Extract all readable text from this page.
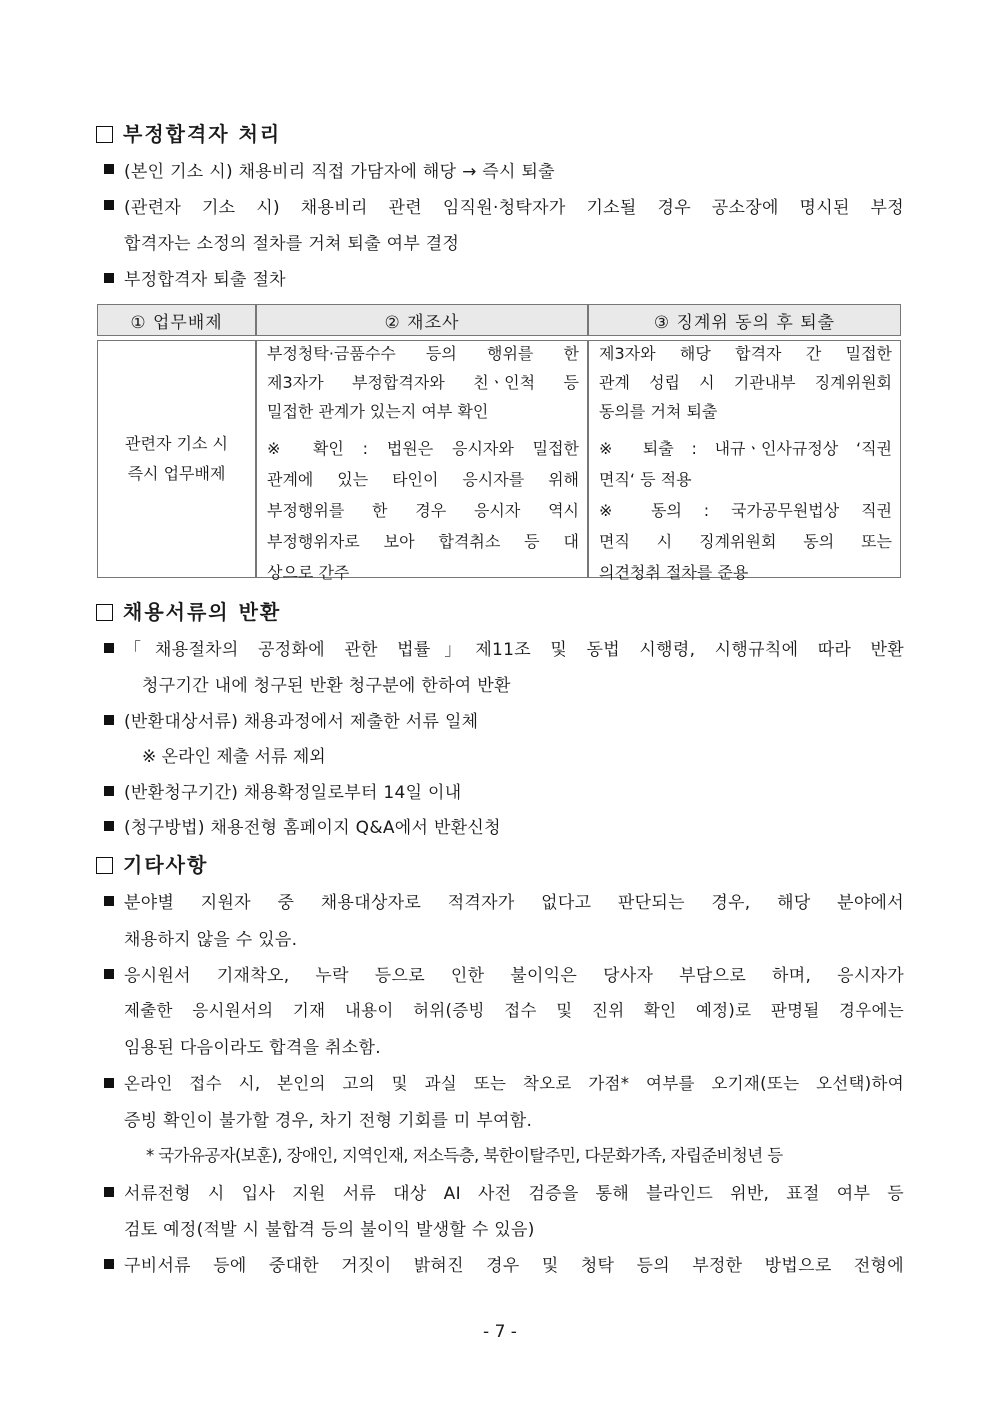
부정합격자 처리
(본인 기소 시) 채용비리 직접 가담자에 해당 → 즉시 퇴출
(관련자 기소 시) 채용비리 관련 임직원·청탁자가 기소될 경우 공소장에 명시된 부정
합격자는 소정의 절차를 거쳐 퇴출 여부 결정
부정합격자 퇴출 절차
① 업무배제	② 재조사	③ 징계위 동의 후 퇴출
관련자 기소 시
즉시 업무배제
부정청탁·금품수수 등의 행위를 한
제3자가 부정합격자와 친ㆍ인척 등
밀접한 관계가 있는지 여부 확인
※ 확인 : 법원은 응시자와 밀접한
관계에 있는 타인이 응시자를 위해
부정행위를 한 경우 응시자 역시
부정행위자로 보아 합격취소 등 대
상으로 간주
제3자와 해당 합격자 간 밀접한
관계 성립 시 기관내부 징계위원회
동의를 거쳐 퇴출
※ 퇴출 : 내규ㆍ인사규정상 ‘직권
면직‘ 등 적용
※ 동의 : 국가공무원법상 직권
면직 시 징계위원회 동의 또는
의견청취 절차를 준용
채용서류의 반환
「채용절차의 공정화에 관한 법률」제11조 및 동법 시행령, 시행규칙에 따라 반환
청구기간 내에 청구된 반환 청구분에 한하여 반환
(반환대상서류) 채용과정에서 제출한 서류 일체
※ 온라인 제출 서류 제외
(반환청구기간) 채용확정일로부터 14일 이내
(청구방법) 채용전형 홈페이지 Q&A에서 반환신청
기타사항
분야별 지원자 중 채용대상자로 적격자가 없다고 판단되는 경우, 해당 분야에서
채용하지 않을 수 있음.
응시원서 기재착오, 누락 등으로 인한 불이익은 당사자 부담으로 하며, 응시자가
제출한 응시원서의 기재 내용이 허위(증빙 접수 및 진위 확인 예정)로 판명될 경우에는
임용된 다음이라도 합격을 취소함.
온라인 접수 시, 본인의 고의 및 과실 또는 착오로 가점* 여부를 오기재(또는 오선택)하여
증빙 확인이 불가할 경우, 차기 전형 기회를 미 부여함.
* 국가유공자(보훈), 장애인, 지역인재, 저소득층, 북한이탈주민, 다문화가족, 자립준비청년 등
서류전형 시 입사 지원 서류 대상 AI 사전 검증을 통해 블라인드 위반, 표절 여부 등
검토 예정(적발 시 불합격 등의 불이익 발생할 수 있음)
구비서류 등에 중대한 거짓이 밝혀진 경우 및 청탁 등의 부정한 방법으로 전형에
- 7 -
